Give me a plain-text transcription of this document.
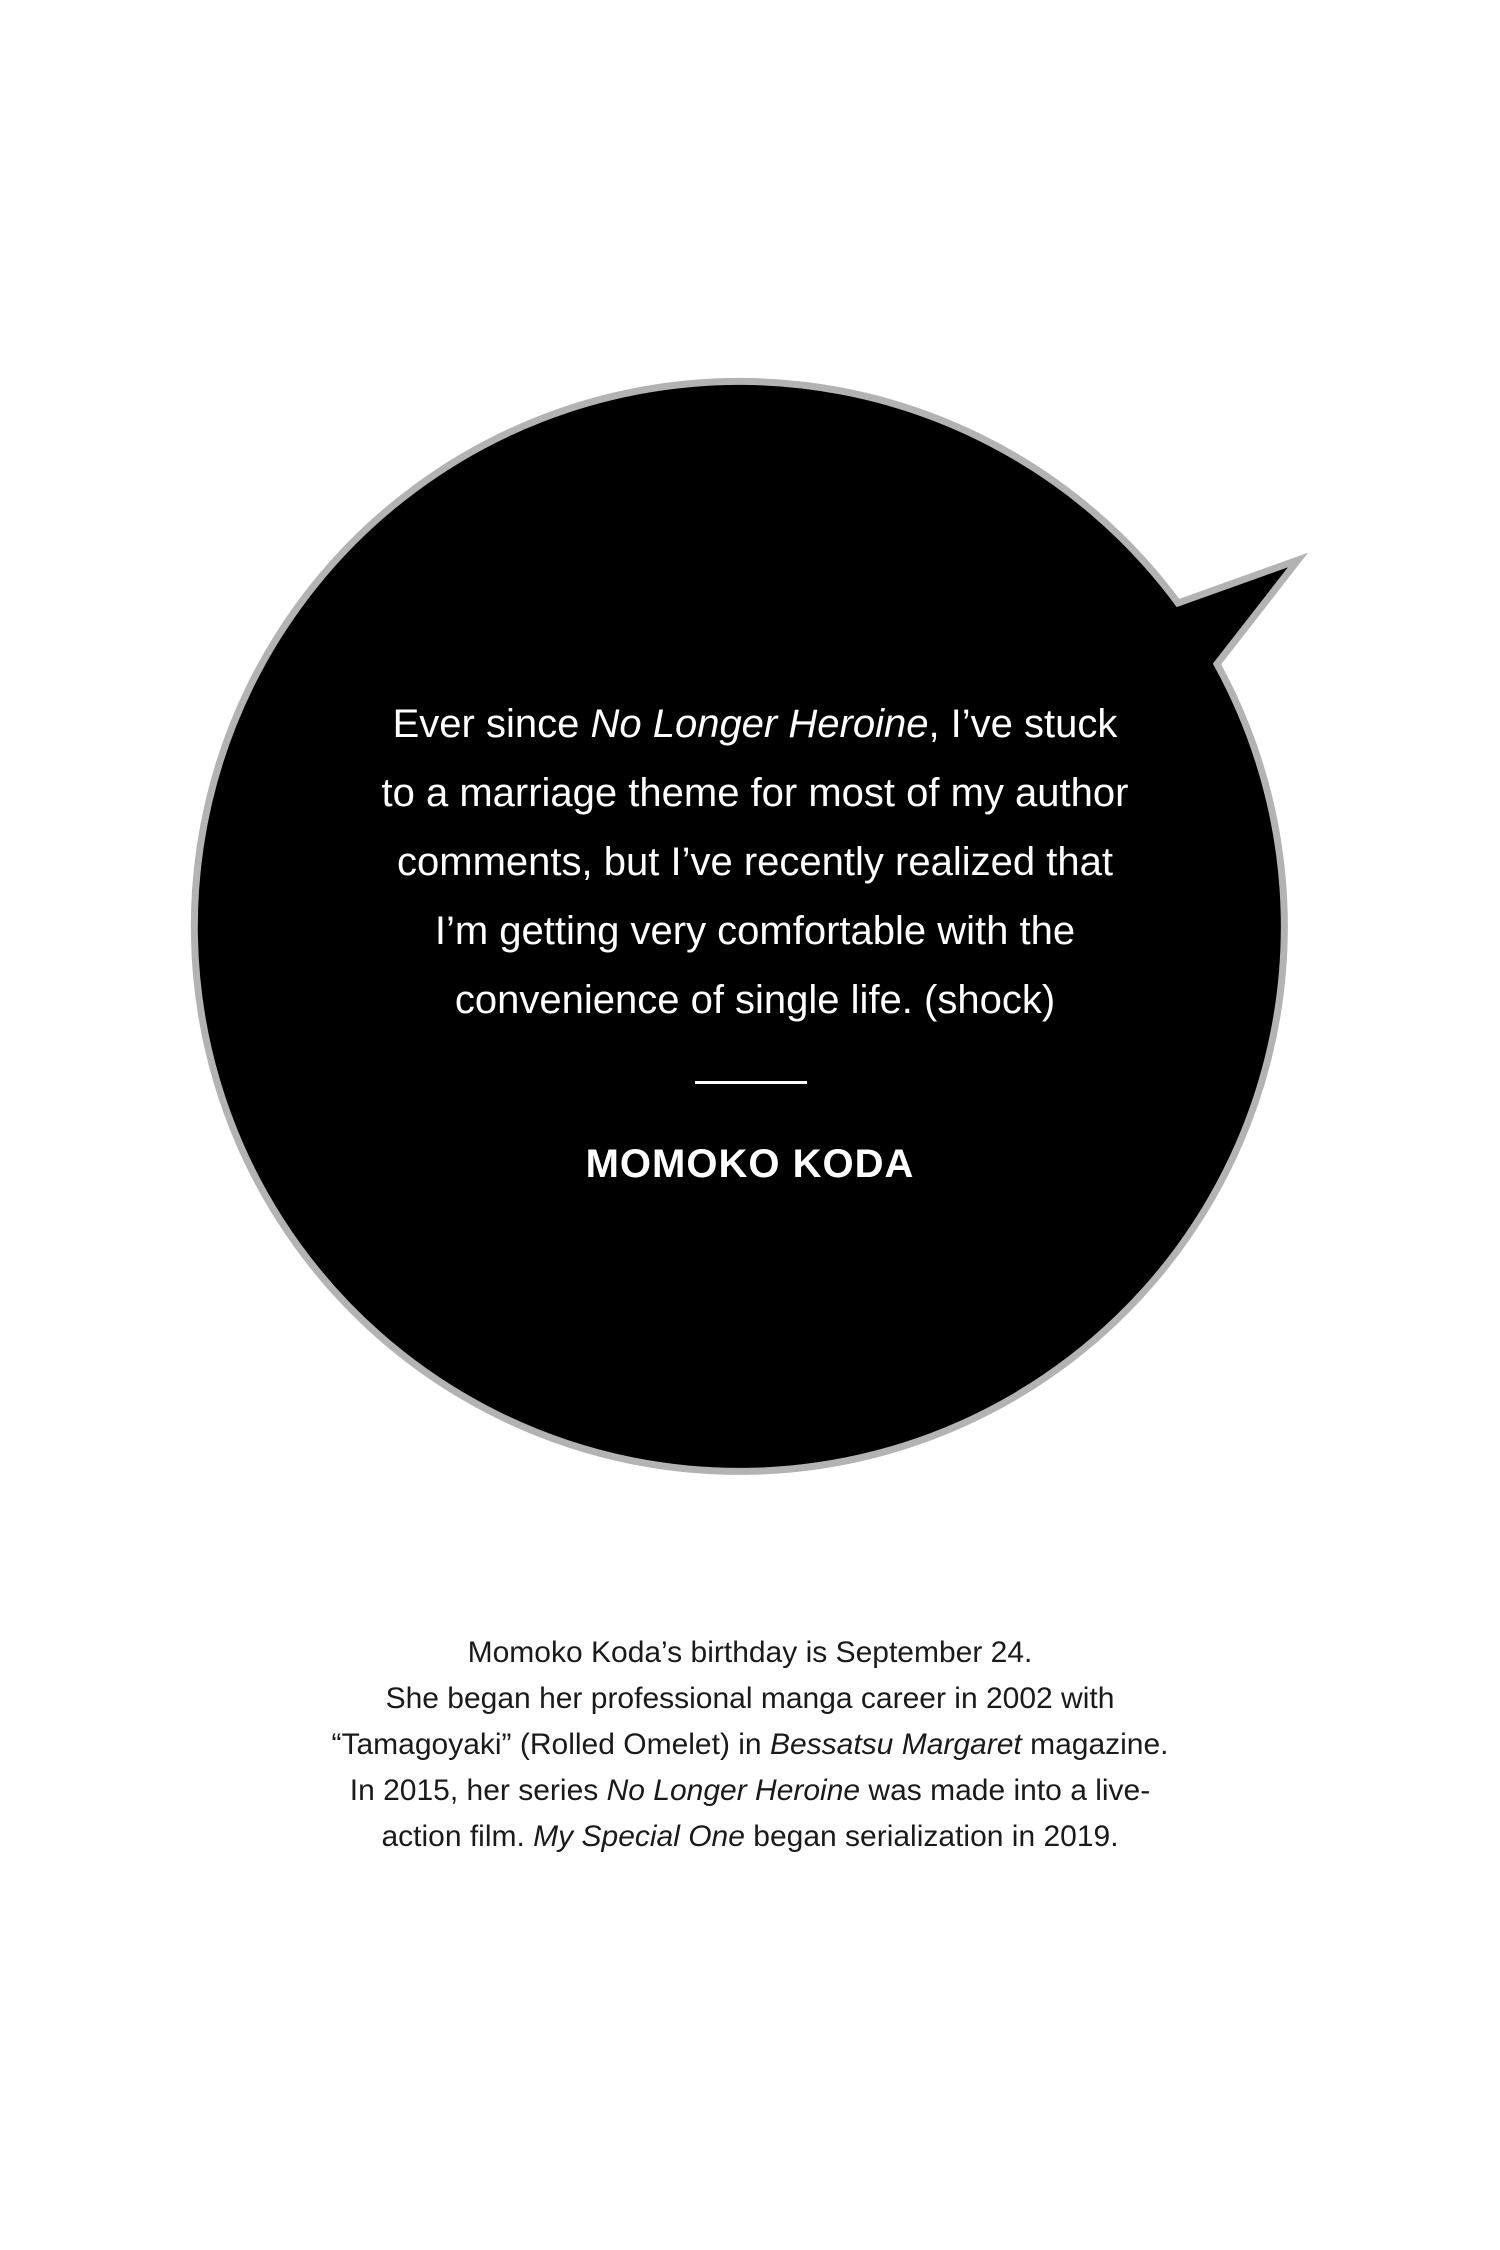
Ever since No Longer Heroine, I’ve stuck
to a marriage theme for most of my author
comments, but I’ve recently realized that
I’m getting very comfortable with the
convenience of single life. (shock)
MOMOKO KODA
Momoko Koda’s birthday is September 24.
She began her professional manga career in 2002 with
“Tamagoyaki” (Rolled Omelet) in Bessatsu Margaret magazine.
In 2015, her series No Longer Heroine was made into a live-
action film. My Special One began serialization in 2019.
